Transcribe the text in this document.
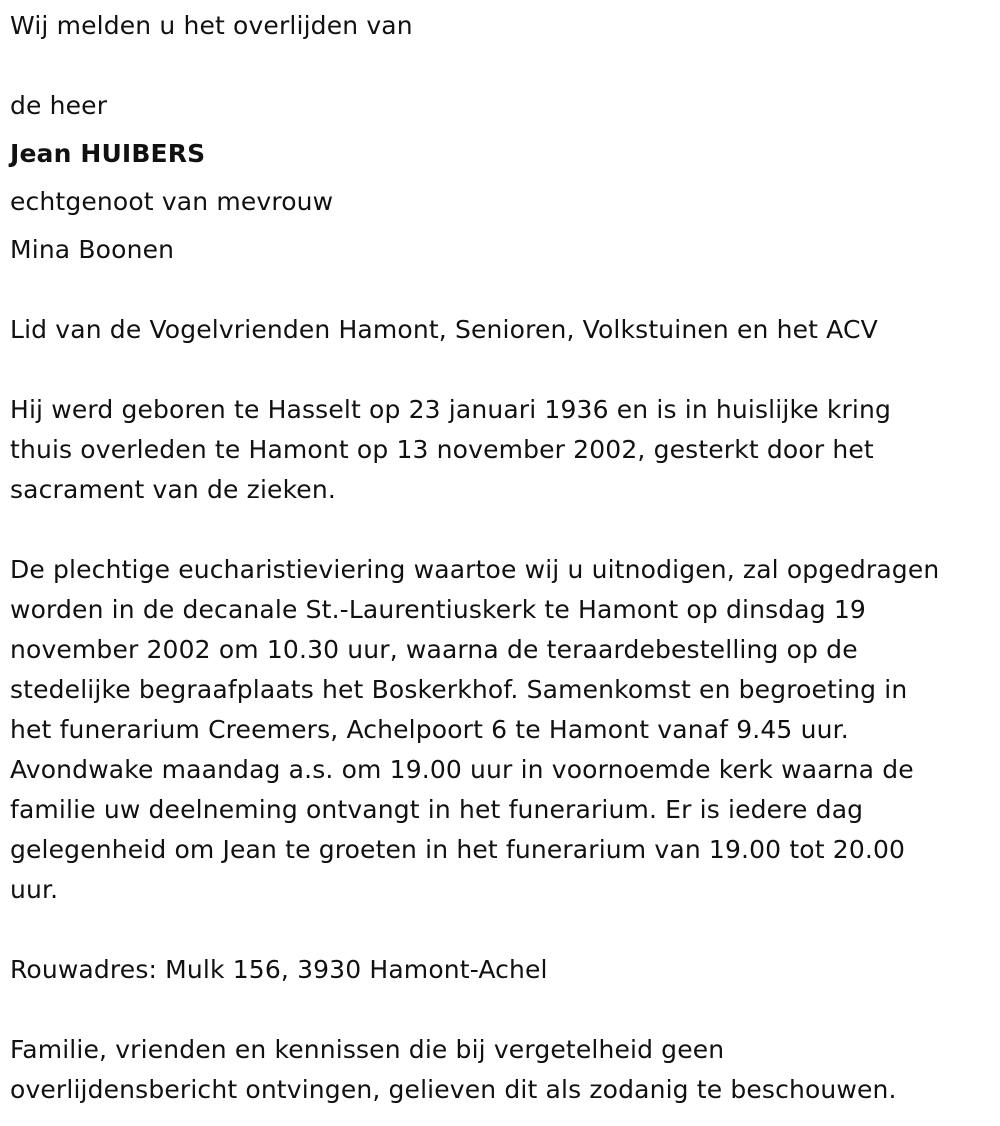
Wij melden u het overlijden van

de heer

Jean HUIBERS

echtgenoot van mevrouw

Mina Boonen

Lid van de Vogelvrienden Hamont, Senioren, Volkstuinen en het ACV

Hij werd geboren te Hasselt op 23 januari 1936 en is in huislijke kring

thuis overleden te Hamont op 13 november 2002, gesterkt door het

sacrament van de zieken.

De plechtige eucharistieviering waartoe wij u uitnodigen, zal opgedragen

worden in de decanale St.-Laurentiuskerk te Hamont op dinsdag 19

november 2002 om 10.30 uur, waarna de teraardebestelling op de

stedelijke begraafplaats het Boskerkhof. Samenkomst en begroeting in

het funerarium Creemers, Achelpoort 6 te Hamont vanaf 9.45 uur.

Avondwake maandag a.s. om 19.00 uur in voornoemde kerk waarna de

familie uw deelneming ontvangt in het funerarium. Er is iedere dag

gelegenheid om Jean te groeten in het funerarium van 19.00 tot 20.00

uur.

Rouwadres: Mulk 156, 3930 Hamont-Achel

Familie, vrienden en kennissen die bij vergetelheid geen

overlijdensbericht ontvingen, gelieven dit als zodanig te beschouwen.
